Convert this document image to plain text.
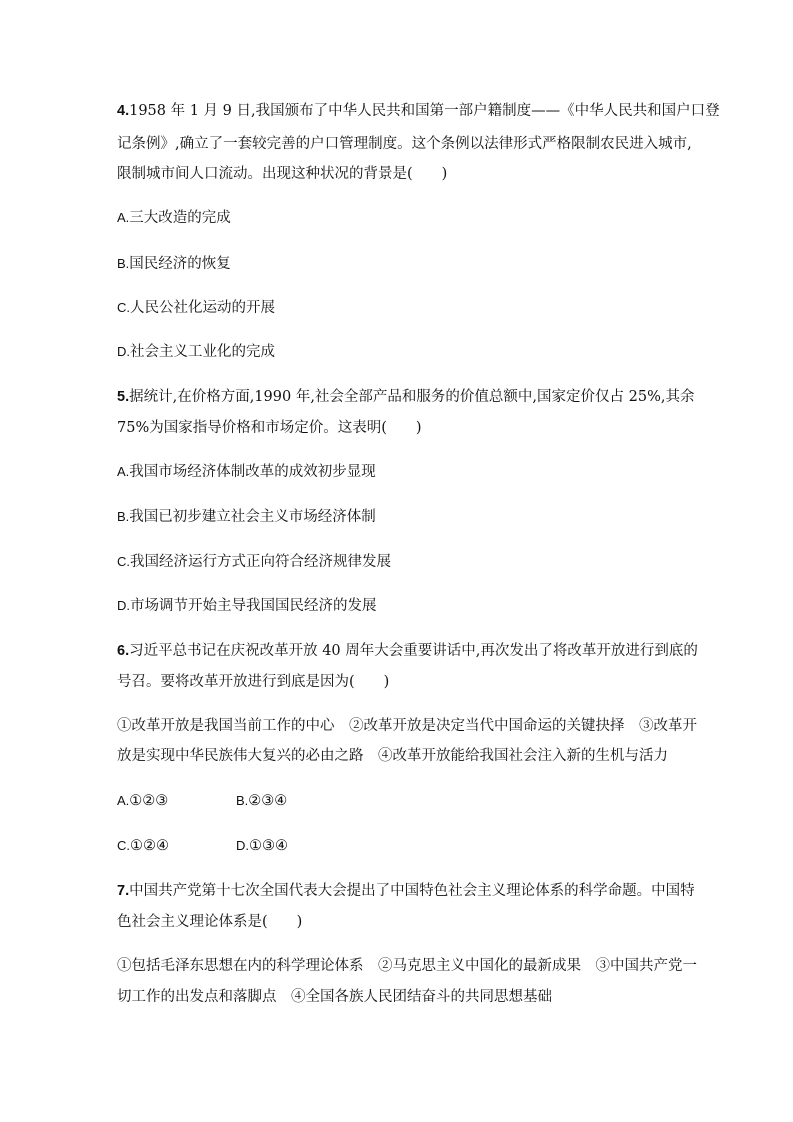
4.1958 年 1 月 9 日,我国颁布了中华人民共和国第一部户籍制度——《中华人民共和国户口登
记条例》,确立了一套较完善的户口管理制度。这个条例以法律形式严格限制农民进入城市,
限制城市间人口流动。出现这种状况的背景是(　　)
A.三大改造的完成
B.国民经济的恢复
C.人民公社化运动的开展
D.社会主义工业化的完成
5.据统计,在价格方面,1990 年,社会全部产品和服务的价值总额中,国家定价仅占 25%,其余
75%为国家指导价格和市场定价。这表明(　　)
A.我国市场经济体制改革的成效初步显现
B.我国已初步建立社会主义市场经济体制
C.我国经济运行方式正向符合经济规律发展
D.市场调节开始主导我国国民经济的发展
6.习近平总书记在庆祝改革开放 40 周年大会重要讲话中,再次发出了将改革开放进行到底的
号召。要将改革开放进行到底是因为(　　)
①改革开放是我国当前工作的中心　②改革开放是决定当代中国命运的关键抉择　③改革开
放是实现中华民族伟大复兴的必由之路　④改革开放能给我国社会注入新的生机与活力
A.①②③	B.②③④
C.①②④	D.①③④
7.中国共产党第十七次全国代表大会提出了中国特色社会主义理论体系的科学命题。中国特
色社会主义理论体系是(　　)
①包括毛泽东思想在内的科学理论体系　②马克思主义中国化的最新成果　③中国共产党一
切工作的出发点和落脚点　④全国各族人民团结奋斗的共同思想基础
